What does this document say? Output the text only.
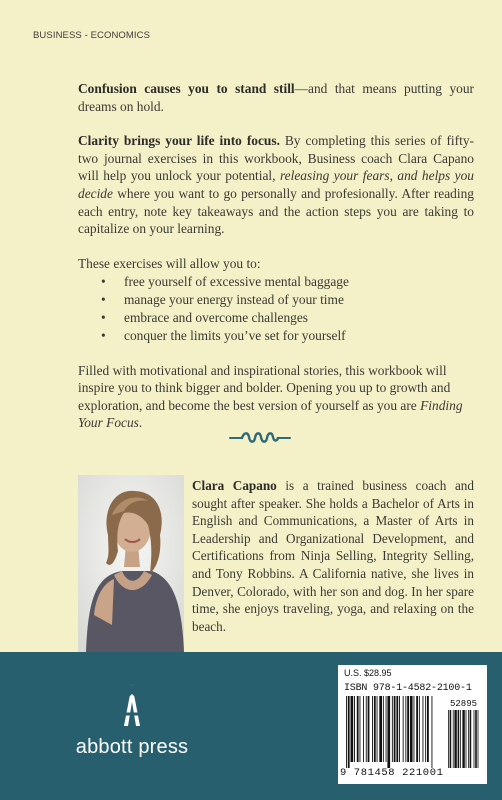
BUSINESS - ECONOMICS

Confusion causes you to stand still—and that means putting your dreams on hold.

Clarity brings your life into focus. By completing this series of fifty-two journal exercises in this workbook, Business coach Clara Capano will help you unlock your potential, releasing your fears, and helps you decide where you want to go personally and profesionally. After reading each entry, note key takeaways and the action steps you are taking to capitalize on your learning.

These exercises will allow you to:

• free yourself of excessive mental baggage
• manage your energy instead of your time
• embrace and overcome challenges
• conquer the limits you’ve set for yourself

Filled with motivational and inspirational stories, this workbook will inspire you to think bigger and bolder. Opening you up to growth and exploration, and become the best version of yourself as you are Finding Your Focus.

Clara Capano is a trained business coach and sought after speaker. She holds a Bachelor of Arts in English and Communications, a Master of Arts in Leadership and Organizational Development, and Certifications from Ninja Selling, Integrity Selling, and Tony Robbins. A California native, she lives in Denver, Colorado, with her son and dog. In her spare time, she enjoys traveling, yoga, and relaxing on the beach.

abbott press
U.S. $28.95
ISBN 978-1-4582-2100-1
52895
9 781458 221001
